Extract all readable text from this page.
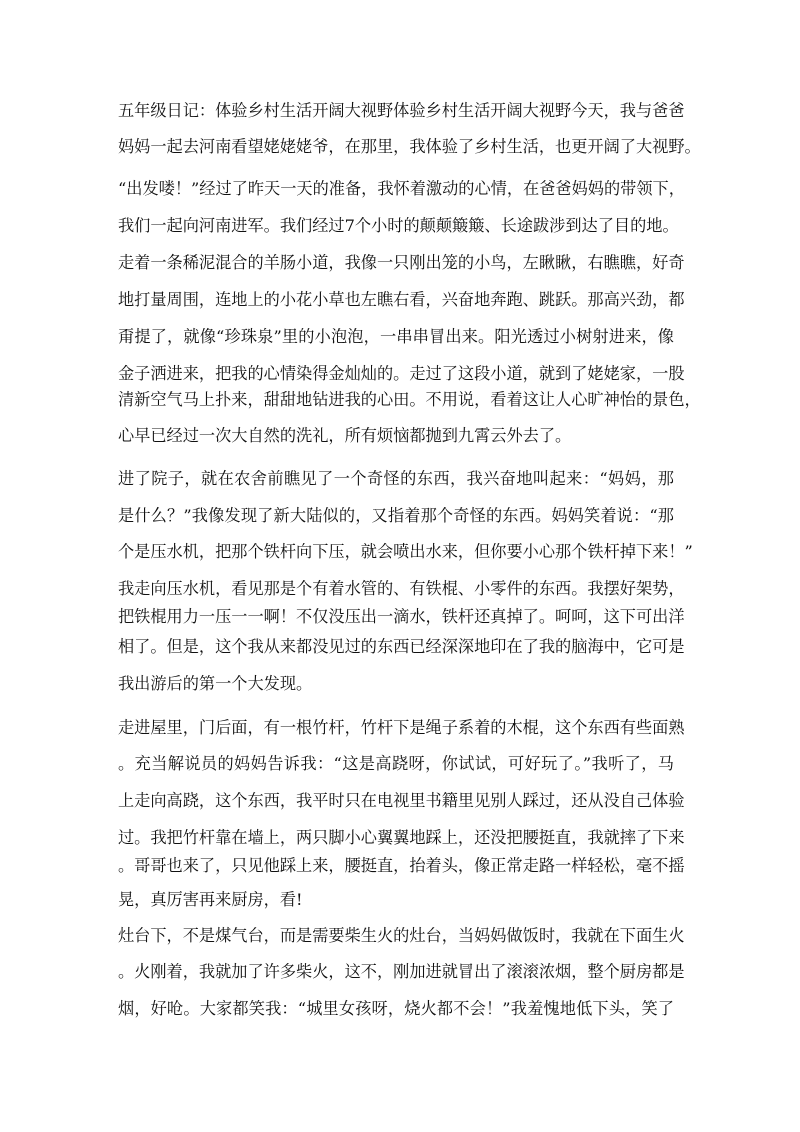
五年级日记：体验乡村生活开阔大视野体验乡村生活开阔大视野今天，我与爸爸

妈妈一起去河南看望姥姥姥爷，在那里，我体验了乡村生活，也更开阔了大视野。

“出发喽！”经过了昨天一天的准备，我怀着激动的心情，在爸爸妈妈的带领下，

我们一起向河南进军。我们经过7个小时的颠颠簸簸、长途跋涉到达了目的地。

走着一条稀泥混合的羊肠小道，我像一只刚出笼的小鸟，左瞅瞅，右瞧瞧，好奇

地打量周围，连地上的小花小草也左瞧右看，兴奋地奔跑、跳跃。那高兴劲，都

甭提了，就像“珍珠泉”里的小泡泡，一串串冒出来。阳光透过小树射进来，像

金子洒进来，把我的心情染得金灿灿的。走过了这段小道，就到了姥姥家，一股

清新空气马上扑来，甜甜地钻进我的心田。不用说，看着这让人心旷神怡的景色，

心早已经过一次大自然的洗礼，所有烦恼都抛到九霄云外去了。

进了院子，就在农舍前瞧见了一个奇怪的东西，我兴奋地叫起来：“妈妈，那

是什么？”我像发现了新大陆似的，又指着那个奇怪的东西。妈妈笑着说：“那

个是压水机，把那个铁杆向下压，就会喷出水来，但你要小心那个铁杆掉下来！”

我走向压水机，看见那是个有着水管的、有铁棍、小零件的东西。我摆好架势，

把铁棍用力一压一一啊！不仅没压出一滴水，铁杆还真掉了。呵呵，这下可出洋

相了。但是，这个我从来都没见过的东西已经深深地印在了我的脑海中，它可是

我出游后的第一个大发现。

走进屋里，门后面，有一根竹杆，竹杆下是绳子系着的木棍，这个东西有些面熟

。充当解说员的妈妈告诉我：“这是高跷呀，你试试，可好玩了。”我听了，马

上走向高跷，这个东西，我平时只在电视里书籍里见别人踩过，还从没自己体验

过。我把竹杆靠在墙上，两只脚小心翼翼地踩上，还没把腰挺直，我就摔了下来

。哥哥也来了，只见他踩上来，腰挺直，抬着头，像正常走路一样轻松，毫不摇

晃，真厉害再来厨房，看!

灶台下，不是煤气台，而是需要柴生火的灶台，当妈妈做饭时，我就在下面生火

。火刚着，我就加了许多柴火，这不，刚加进就冒出了滚滚浓烟，整个厨房都是

烟，好呛。大家都笑我：“城里女孩呀，烧火都不会！”我羞愧地低下头，笑了
